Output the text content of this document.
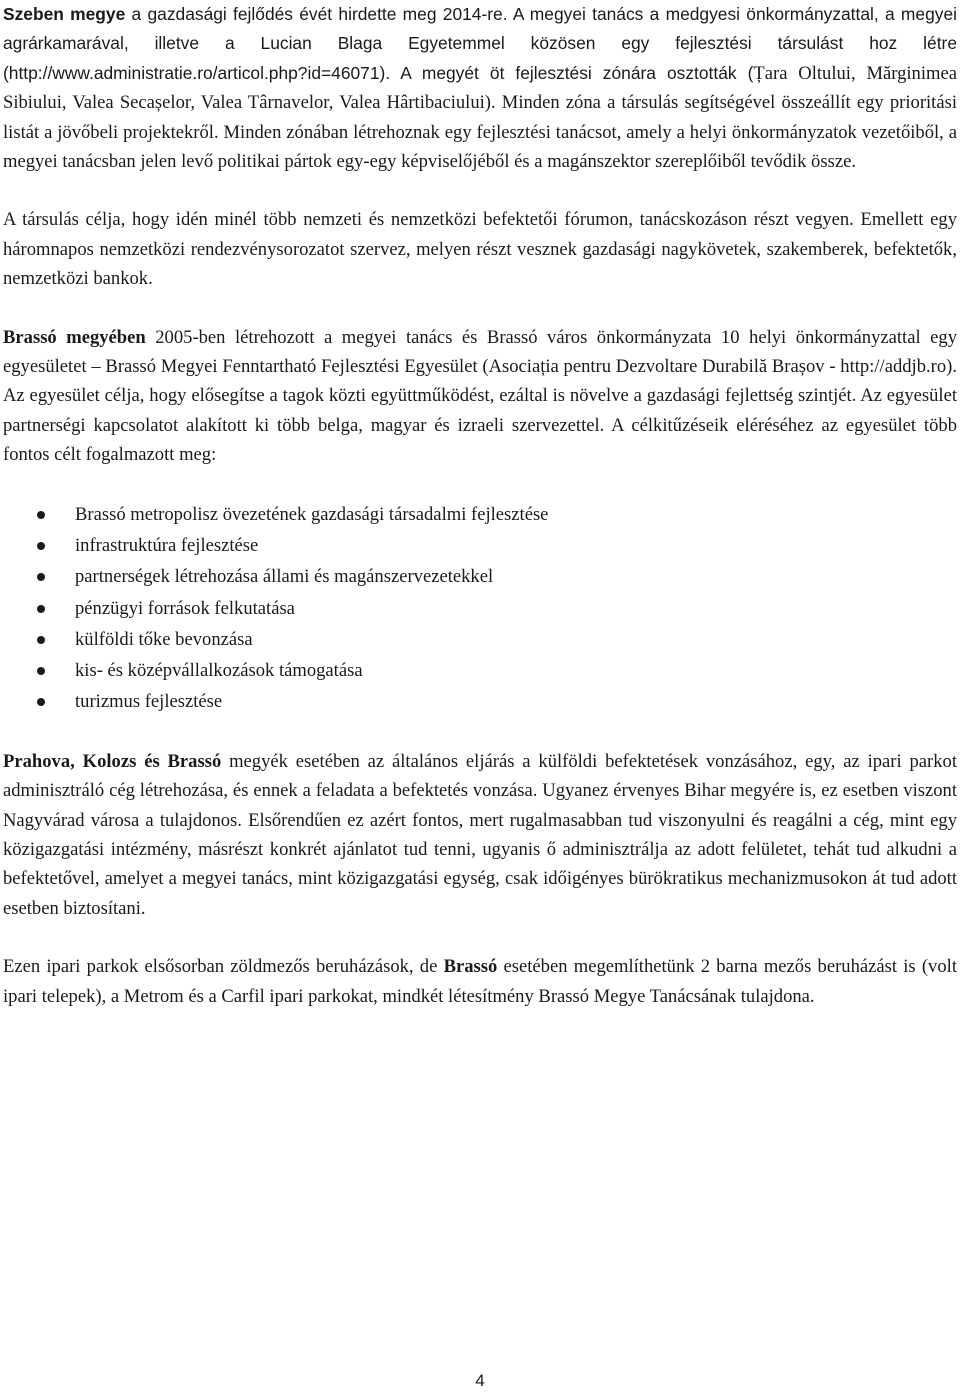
Szeben megye a gazdasági fejlődés évét hirdette meg 2014-re. A megyei tanács a medgyesi önkormányzattal, a megyei agrárkamarával, illetve a Lucian Blaga Egyetemmel közösen egy fejlesztési társulást hoz létre (http://www.administratie.ro/articol.php?id=46071). A megyét öt fejlesztési zónára osztották (Țara Oltului, Mărginimea Sibiului, Valea Secașelor, Valea Târnavelor, Valea Hârtibaciului). Minden zóna a társulás segítségével összeállít egy prioritási listát a jövőbeli projektekről. Minden zónában létrehoznak egy fejlesztési tanácsot, amely a helyi önkormányzatok vezetőiből, a megyei tanácsban jelen levő politikai pártok egy-egy képviselőjéből és a magánszektor szereplőiből tevődik össze.

A társulás célja, hogy idén minél több nemzeti és nemzetközi befektetői fórumon, tanácskozáson részt vegyen. Emellett egy háromnapos nemzetközi rendezvénysorozatot szervez, melyen részt vesznek gazdasági nagykövetek, szakemberek, befektetők, nemzetközi bankok.

Brassó megyében 2005-ben létrehozott a megyei tanács és Brassó város önkormányzata 10 helyi önkormányzattal egy egyesületet – Brassó Megyei Fenntartható Fejlesztési Egyesület (Asociația pentru Dezvoltare Durabilă Brașov - http://addjb.ro). Az egyesület célja, hogy elősegítse a tagok közti együttműködést, ezáltal is növelve a gazdasági fejlettség szintjét. Az egyesület partnerségi kapcsolatot alakított ki több belga, magyar és izraeli szervezettel. A célkitűzéseik eléréséhez az egyesület több fontos célt fogalmazott meg:

Brassó metropolisz övezetének gazdasági társadalmi fejlesztése
infrastruktúra fejlesztése
partnerségek létrehozása állami és magánszervezetekkel
pénzügyi források felkutatása
külföldi tőke bevonzása
kis- és középvállalkozások támogatása
turizmus fejlesztése

Prahova, Kolozs és Brassó megyék esetében az általános eljárás a külföldi befektetések vonzásához, egy, az ipari parkot adminisztráló cég létrehozása, és ennek a feladata a befektetés vonzása. Ugyanez érvenyes Bihar megyére is, ez esetben viszont Nagyvárad városa a tulajdonos. Elsőrendűen ez azért fontos, mert rugalmasabban tud viszonyulni és reagálni a cég, mint egy közigazgatási intézmény, másrészt konkrét ajánlatot tud tenni, ugyanis ő adminisztrálja az adott felületet, tehát tud alkudni a befektetővel, amelyet a megyei tanács, mint közigazgatási egység, csak időigényes bürökratikus mechanizmusokon át tud adott esetben biztosítani.

Ezen ipari parkok elsősorban zöldmezős beruházások, de Brassó esetében megemlíthetünk 2 barna mezős beruházást is (volt ipari telepek), a Metrom és a Carfil ipari parkokat, mindkét létesítmény Brassó Megye Tanácsának tulajdona.

4
